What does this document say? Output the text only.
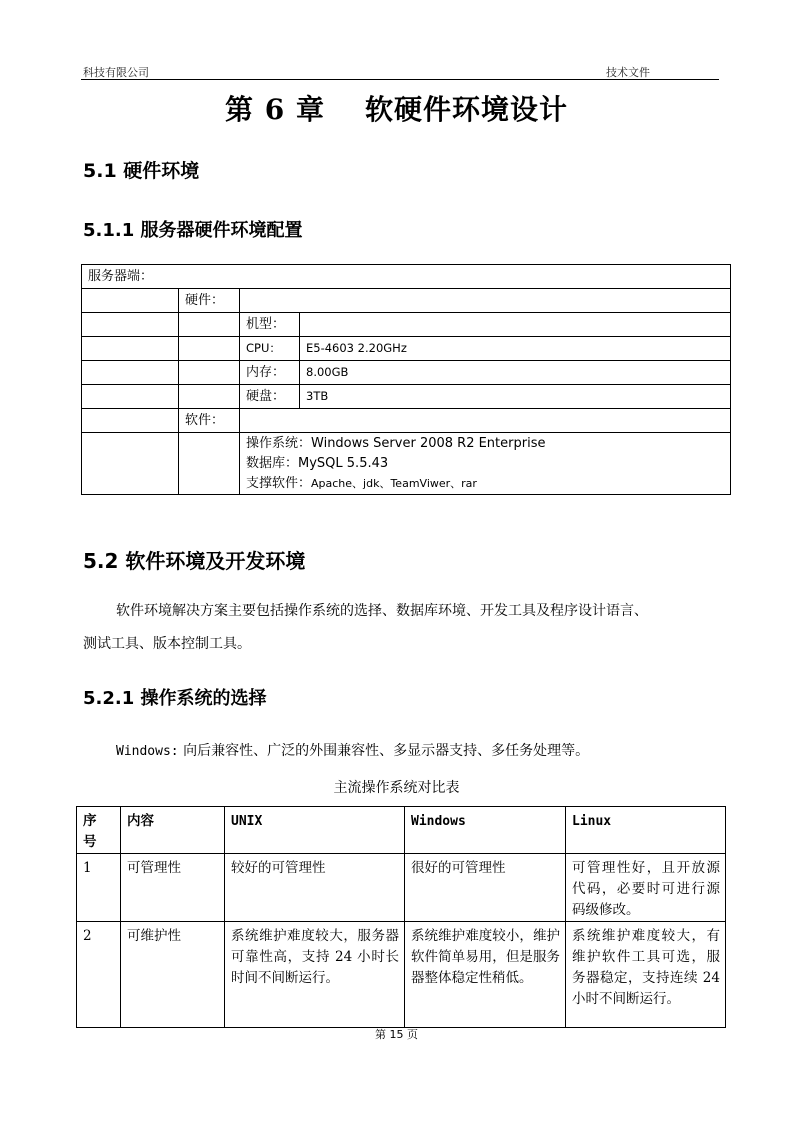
科技有限公司	技术文件
第 6 章 软硬件环境设计
5.1 硬件环境
5.1.1 服务器硬件环境配置
服务器端：			
	硬件：		
		机型：	
		CPU：	E5-4603 2.20GHz
		内存：	8.00GB
		硬盘：	3TB
	软件：		

		操作系统：Windows Server 2008 R2 Enterprise
数据库：MySQL 5.5.43
支撑软件：Apache、jdk、TeamViwer、rar	
5.2 软件环境及开发环境
软件环境解决方案主要包括操作系统的选择、数据库环境、开发工具及程序设计语言、
测试工具、版本控制工具。
5.2.1 操作系统的选择
Windows: 向后兼容性、广泛的外围兼容性、多显示器支持、多任务处理等。
主流操作系统对比表
序号	内容	UNIX	Windows	Linux
1	可管理性	较好的可管理性	很好的可管理性	可管理性好，且开放源代码，必要时可进行源码级修改。
2	可维护性	系统维护难度较大，服务器可靠性高，支持 24 小时长时间不间断运行。	系统维护难度较小，维护软件简单易用，但是服务器整体稳定性稍低。	系统维护难度较大，有维护软件工具可选，服务器稳定，支持连续 24 小时不间断运行。
第 15 页
